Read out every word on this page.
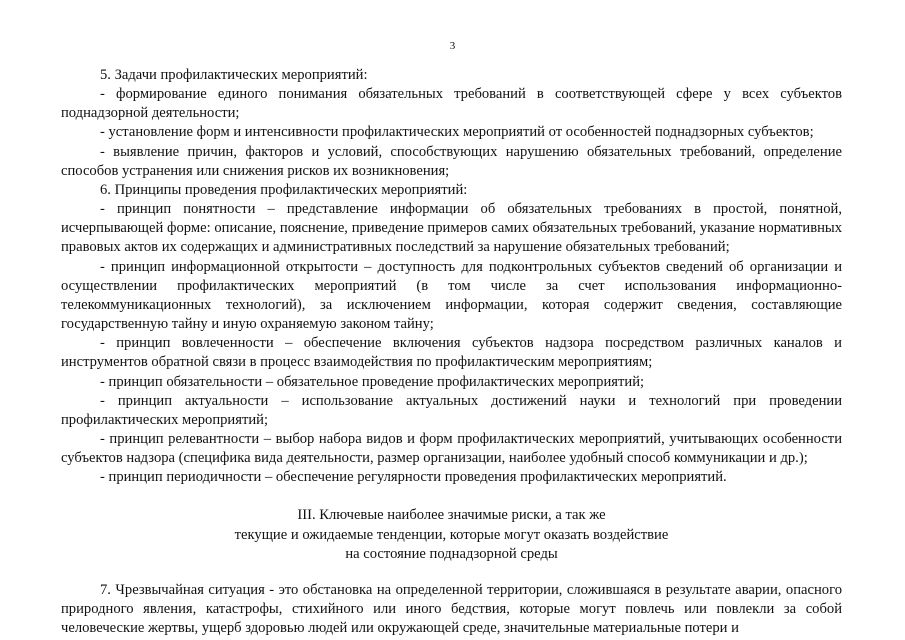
3

5. Задачи профилактических мероприятий:

- формирование единого понимания обязательных требований в соответствующей сфере у всех субъектов поднадзорной деятельности;

- установление форм и интенсивности профилактических мероприятий от особенностей поднадзорных субъектов;

- выявление причин, факторов и условий, способствующих нарушению обязательных требований, определение способов устранения или снижения рисков их возникновения;

6. Принципы проведения профилактических мероприятий:

- принцип понятности – представление информации об обязательных требованиях в простой, понятной, исчерпывающей форме: описание, пояснение, приведение примеров самих обязательных требований, указание нормативных правовых актов их содержащих и административных последствий за нарушение обязательных требований;

- принцип информационной открытости – доступность для подконтрольных субъектов сведений об организации и осуществлении профилактических мероприятий (в том числе за счет использования информационно-телекоммуникационных технологий), за исключением информации, которая содержит сведения, составляющие государственную тайну и иную охраняемую законом тайну;

- принцип вовлеченности – обеспечение включения субъектов надзора посредством различных каналов и инструментов обратной связи в процесс взаимодействия по профилактическим мероприятиям;

- принцип обязательности – обязательное проведение профилактических мероприятий;

- принцип актуальности – использование актуальных достижений науки и технологий при проведении профилактических мероприятий;

- принцип релевантности – выбор набора видов и форм профилактических мероприятий, учитывающих особенности субъектов надзора (специфика вида деятельности, размер организации, наиболее удобный способ коммуникации и др.);

- принцип периодичности – обеспечение регулярности проведения профилактических мероприятий.

III. Ключевые наиболее значимые риски, а так же

текущие и ожидаемые тенденции, которые могут оказать воздействие

на состояние поднадзорной среды

7. Чрезвычайная ситуация - это обстановка на определенной территории, сложившаяся в результате аварии, опасного природного явления, катастрофы, стихийного или иного бедствия, которые могут повлечь или повлекли за собой человеческие жертвы, ущерб здоровью людей или окружающей среде, значительные материальные потери и
